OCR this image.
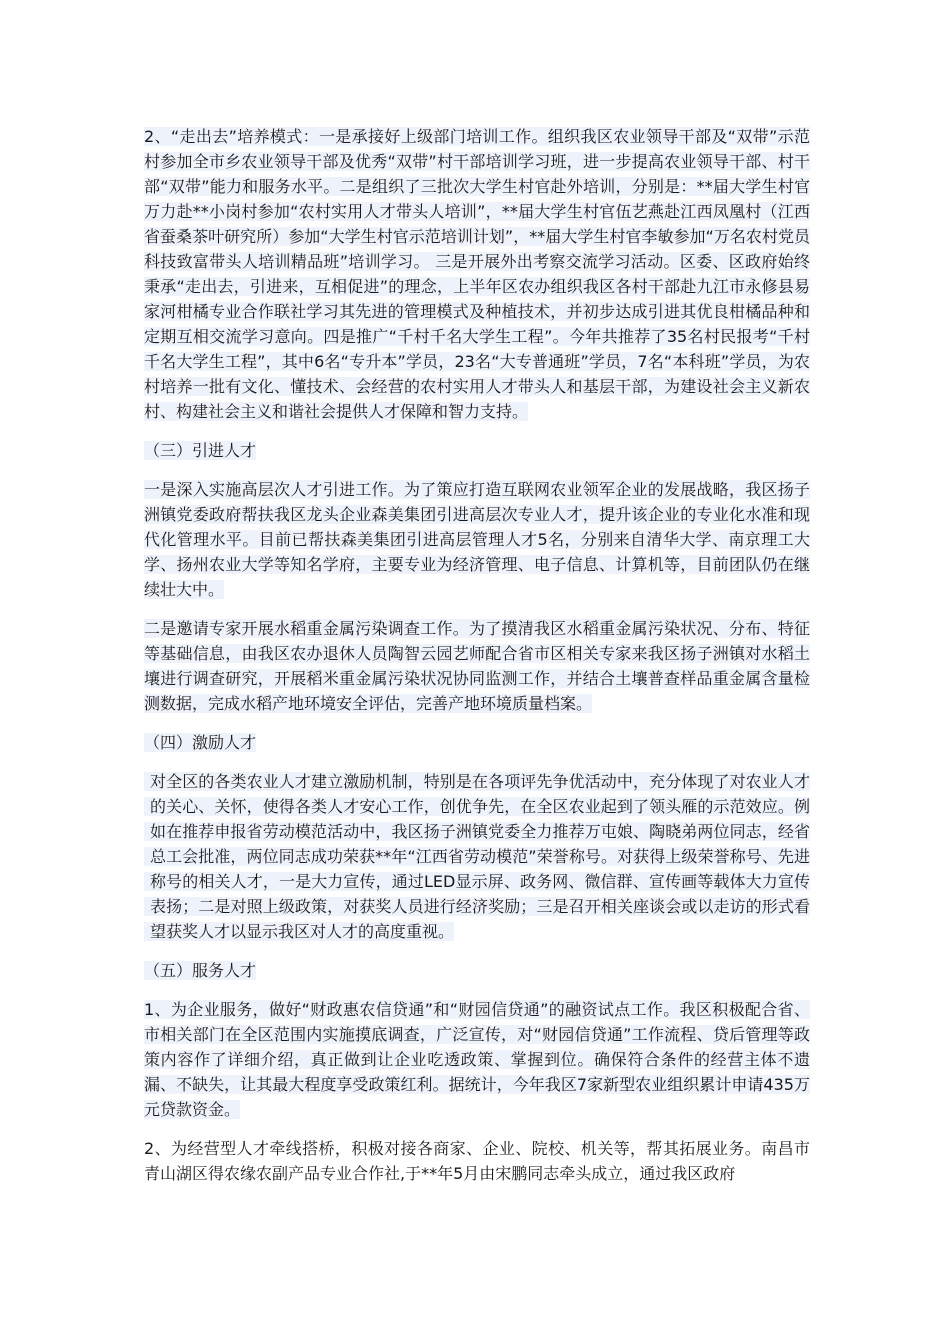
2、“走出去”培养模式：一是承接好上级部门培训工作。组织我区农业领导干部及“双带”示范村参加全市乡农业领导干部及优秀“双带”村干部培训学习班，进一步提高农业领导干部、村干部“双带”能力和服务水平。二是组织了三批次大学生村官赴外培训，分别是：**届大学生村官万力赴**小岗村参加“农村实用人才带头人培训”，**届大学生村官伍艺燕赴江西凤凰村（江西省蚕桑茶叶研究所）参加“大学生村官示范培训计划”，**届大学生村官李敏参加“万名农村党员科技致富带头人培训精品班”培训学习。 三是开展外出考察交流学习活动。区委、区政府始终秉承“走出去，引进来，互相促进”的理念，上半年区农办组织我区各村干部赴九江市永修县易家河柑橘专业合作联社学习其先进的管理模式及种植技术，并初步达成引进其优良柑橘品种和定期互相交流学习意向。四是推广“千村千名大学生工程”。今年共推荐了35名村民报考“千村千名大学生工程”，其中6名“专升本”学员，23名“大专普通班”学员，7名“本科班”学员，为农村培养一批有文化、懂技术、会经营的农村实用人才带头人和基层干部，为建设社会主义新农村、构建社会主义和谐社会提供人才保障和智力支持。

（三）引进人才

一是深入实施高层次人才引进工作。为了策应打造互联网农业领军企业的发展战略，我区扬子洲镇党委政府帮扶我区龙头企业森美集团引进高层次专业人才，提升该企业的专业化水准和现代化管理水平。目前已帮扶森美集团引进高层管理人才5名，分别来自清华大学、南京理工大学、扬州农业大学等知名学府，主要专业为经济管理、电子信息、计算机等，目前团队仍在继续壮大中。

二是邀请专家开展水稻重金属污染调查工作。为了摸清我区水稻重金属污染状况、分布、特征等基础信息，由我区农办退休人员陶智云园艺师配合省市区相关专家来我区扬子洲镇对水稻土壤进行调查研究，开展稻米重金属污染状况协同监测工作，并结合土壤普查样品重金属含量检测数据，完成水稻产地环境安全评估，完善产地环境质量档案。

（四）激励人才

对全区的各类农业人才建立激励机制，特别是在各项评先争优活动中，充分体现了对农业人才的关心、关怀，使得各类人才安心工作，创优争先，在全区农业起到了领头雁的示范效应。例如在推荐申报省劳动模范活动中，我区扬子洲镇党委全力推荐万屯娘、陶晓弟两位同志，经省总工会批准，两位同志成功荣获**年“江西省劳动模范”荣誉称号。对获得上级荣誉称号、先进称号的相关人才，一是大力宣传，通过LED显示屏、政务网、微信群、宣传画等载体大力宣传表扬；二是对照上级政策，对获奖人员进行经济奖励；三是召开相关座谈会或以走访的形式看望获奖人才以显示我区对人才的高度重视。

（五）服务人才

1、为企业服务，做好“财政惠农信贷通”和“财园信贷通”的融资试点工作。我区积极配合省、市相关部门在全区范围内实施摸底调查，广泛宣传，对“财园信贷通”工作流程、贷后管理等政策内容作了详细介绍，真正做到让企业吃透政策、掌握到位。确保符合条件的经营主体不遗漏、不缺失，让其最大程度享受政策红利。据统计，今年我区7家新型农业组织累计申请435万元贷款资金。

2、为经营型人才牵线搭桥，积极对接各商家、企业、院校、机关等，帮其拓展业务。南昌市青山湖区得农缘农副产品专业合作社,于**年5月由宋鹏同志牵头成立，通过我区政府
